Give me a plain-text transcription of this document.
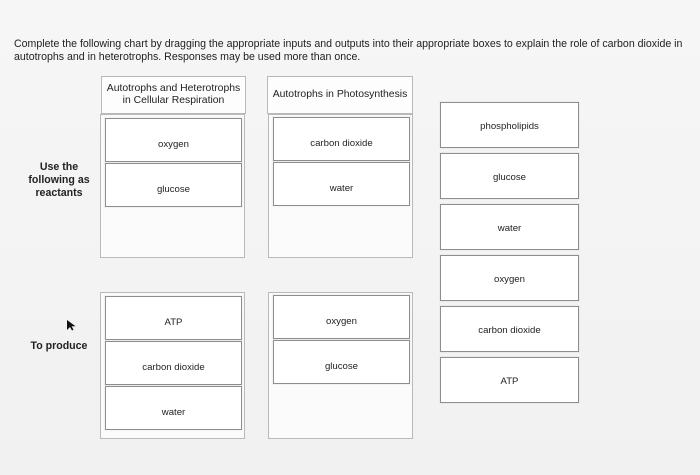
Complete the following chart by dragging the appropriate inputs and outputs into their appropriate boxes to explain the role of carbon dioxide in autotrophs and in heterotrophs. Responses may be used more than once.
Autotrophs and Heterotrophs
in Cellular Respiration
Autotrophs in Photosynthesis
Use the
following as
reactants
To produce
oxygen
glucose
carbon dioxide
water
ATP
carbon dioxide
water
oxygen
glucose
phospholipids
glucose
water
oxygen
carbon dioxide
ATP
